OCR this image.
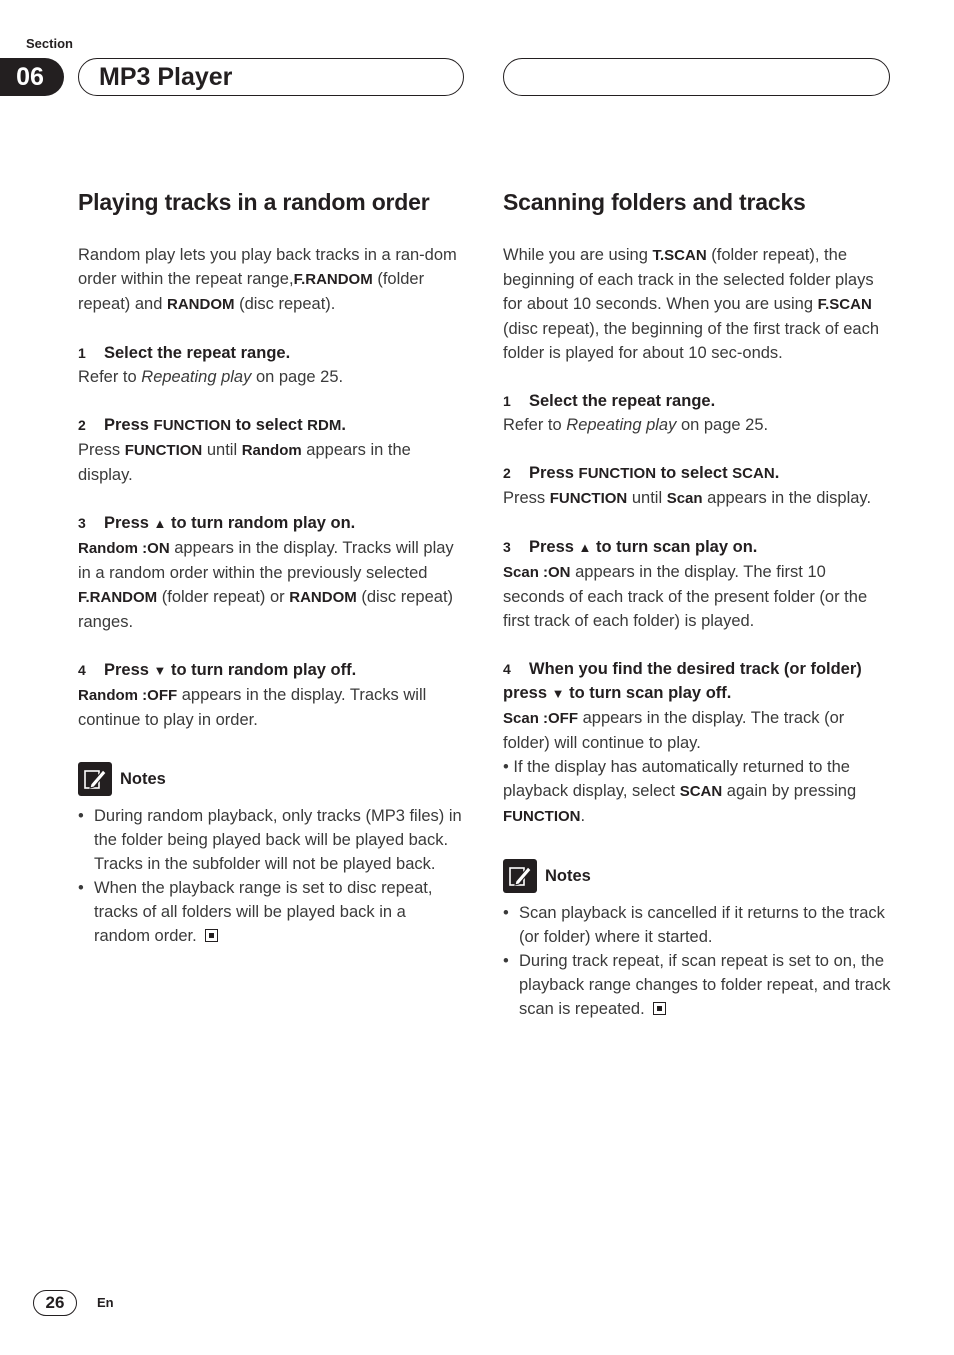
Section
06	MP3 Player
Playing tracks in a random order

Random play lets you play back tracks in a ran-dom order within the repeat range,F.RANDOM (folder repeat) and RANDOM (disc repeat).

1 Select the repeat range.

Refer to Repeating play on page 25.

2 Press FUNCTION to select RDM.

Press FUNCTION until Random appears in the display.

3 Press ▲ to turn random play on.

Random :ON appears in the display. Tracks will play in a random order within the previously selected F.RANDOM (folder repeat) or RANDOM (disc repeat) ranges.

4 Press ▼ to turn random play off.

Random :OFF appears in the display. Tracks will continue to play in order.

Notes
• During random playback, only tracks (MP3 files) in the folder being played back will be played back. Tracks in the subfolder will not be played back.
• When the playback range is set to disc repeat, tracks of all folders will be played back in a random order.
Scanning folders and tracks

While you are using T.SCAN (folder repeat), the beginning of each track in the selected folder plays for about 10 seconds. When you are using F.SCAN (disc repeat), the beginning of the first track of each folder is played for about 10 sec-onds.

1 Select the repeat range.

Refer to Repeating play on page 25.

2 Press FUNCTION to select SCAN.

Press FUNCTION until Scan appears in the display.

3 Press ▲ to turn scan play on.

Scan :ON appears in the display. The first 10 seconds of each track of the present folder (or the first track of each folder) is played.

4 When you find the desired track (or folder) press ▼ to turn scan play off.

Scan :OFF appears in the display. The track (or folder) will continue to play.

• If the display has automatically returned to the playback display, select SCAN again by pressing FUNCTION.

Notes
• Scan playback is cancelled if it returns to the track (or folder) where it started.
• During track repeat, if scan repeat is set to on, the playback range changes to folder repeat, and track scan is repeated.
26	En
